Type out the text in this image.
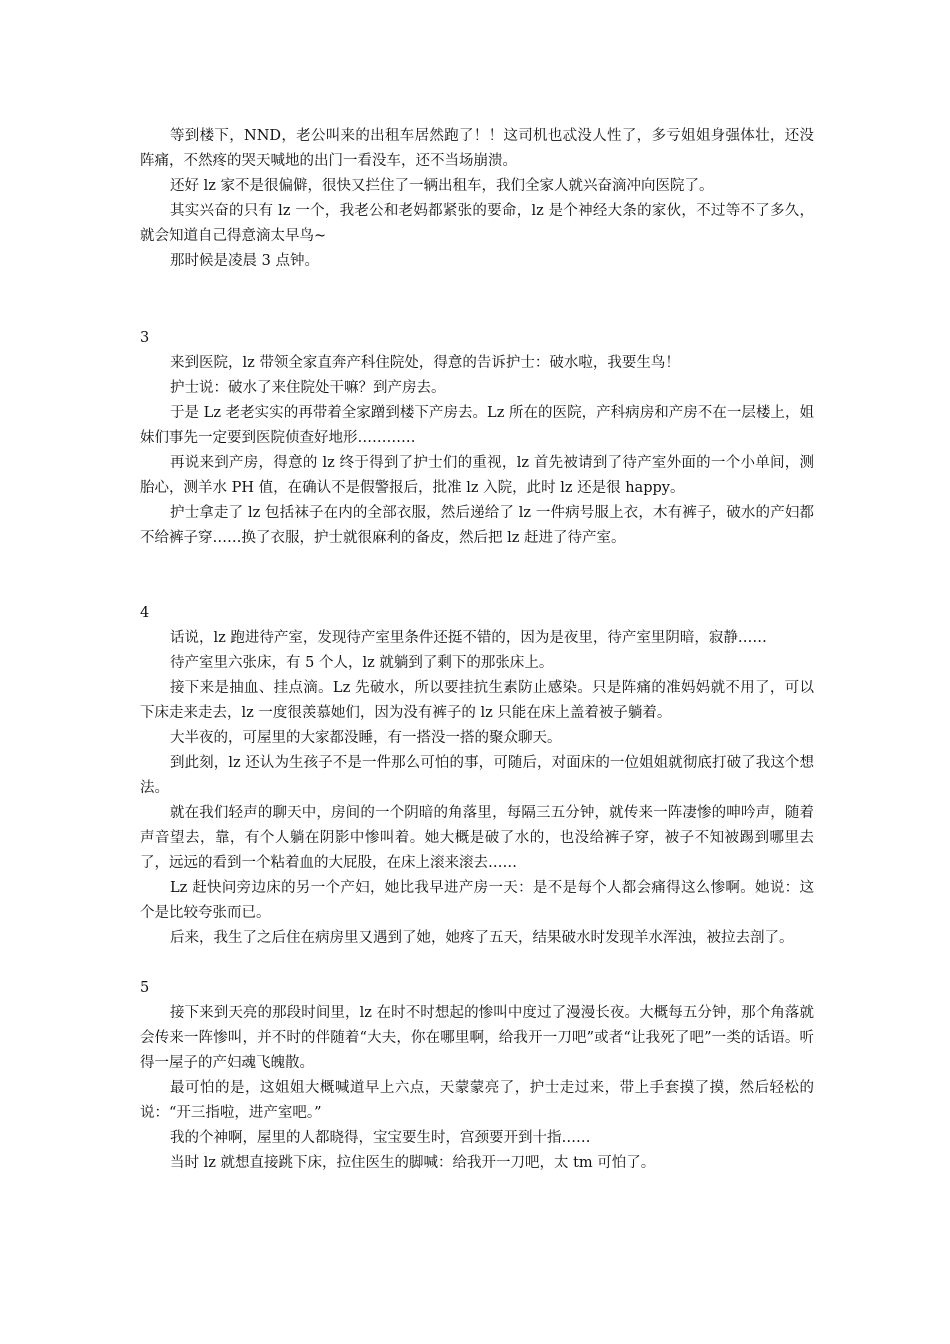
等到楼下，NND，老公叫来的出租车居然跑了！！这司机也忒没人性了，多亏姐姐身强体壮，还没阵痛，不然疼的哭天喊地的出门一看没车，还不当场崩溃。

还好 lz 家不是很偏僻，很快又拦住了一辆出租车，我们全家人就兴奋滴冲向医院了。

其实兴奋的只有 lz 一个，我老公和老妈都紧张的要命，lz 是个神经大条的家伙，不过等不了多久，就会知道自己得意滴太早鸟~

那时候是凌晨 3 点钟。

3

来到医院，lz 带领全家直奔产科住院处，得意的告诉护士：破水啦，我要生鸟！

护士说：破水了来住院处干嘛？到产房去。

于是 Lz 老老实实的再带着全家蹭到楼下产房去。Lz 所在的医院，产科病房和产房不在一层楼上，姐妹们事先一定要到医院侦查好地形…………

再说来到产房，得意的 lz 终于得到了护士们的重视，lz 首先被请到了待产室外面的一个小单间，测胎心，测羊水 PH 值，在确认不是假警报后，批准 lz 入院，此时 lz 还是很 happy。

护士拿走了 lz 包括袜子在内的全部衣服，然后递给了 lz 一件病号服上衣，木有裤子，破水的产妇都不给裤子穿……换了衣服，护士就很麻利的备皮，然后把 lz 赶进了待产室。

4

话说，lz 跑进待产室，发现待产室里条件还挺不错的，因为是夜里，待产室里阴暗，寂静……

待产室里六张床，有 5 个人，lz 就躺到了剩下的那张床上。

接下来是抽血、挂点滴。Lz 先破水，所以要挂抗生素防止感染。只是阵痛的准妈妈就不用了，可以下床走来走去，lz 一度很羡慕她们，因为没有裤子的 lz 只能在床上盖着被子躺着。

大半夜的，可屋里的大家都没睡，有一搭没一搭的聚众聊天。

到此刻，lz 还认为生孩子不是一件那么可怕的事，可随后，对面床的一位姐姐就彻底打破了我这个想法。

就在我们轻声的聊天中，房间的一个阴暗的角落里，每隔三五分钟，就传来一阵凄惨的呻吟声，随着声音望去，靠，有个人躺在阴影中惨叫着。她大概是破了水的，也没给裤子穿，被子不知被踢到哪里去了，远远的看到一个粘着血的大屁股，在床上滚来滚去……

Lz 赶快问旁边床的另一个产妇，她比我早进产房一天：是不是每个人都会痛得这么惨啊。她说：这个是比较夸张而已。

后来，我生了之后住在病房里又遇到了她，她疼了五天，结果破水时发现羊水浑浊，被拉去剖了。

5

接下来到天亮的那段时间里，lz 在时不时想起的惨叫中度过了漫漫长夜。大概每五分钟，那个角落就会传来一阵惨叫，并不时的伴随着“大夫，你在哪里啊，给我开一刀吧”或者“让我死了吧”一类的话语。听得一屋子的产妇魂飞魄散。

最可怕的是，这姐姐大概喊道早上六点，天蒙蒙亮了，护士走过来，带上手套摸了摸，然后轻松的说：“开三指啦，进产室吧。”

我的个神啊，屋里的人都晓得，宝宝要生时，宫颈要开到十指……

当时 lz 就想直接跳下床，拉住医生的脚喊：给我开一刀吧，太 tm 可怕了。
